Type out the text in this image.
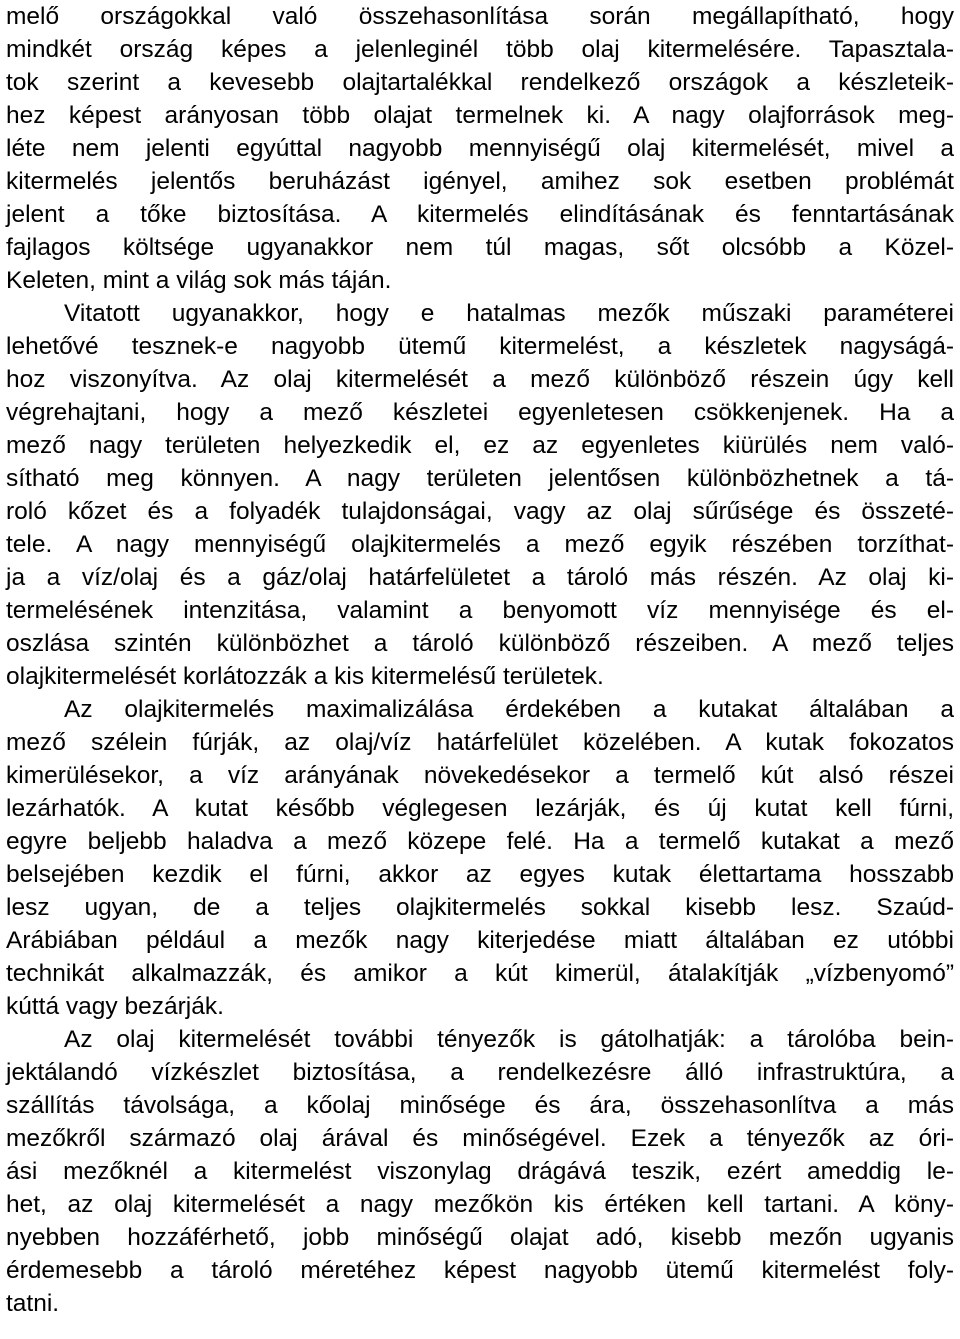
melő országokkal való összehasonlítása során megállapítható, hogy
mindkét ország képes a jelenleginél több olaj kitermelésére. Tapasztala-
tok szerint a kevesebb olajtartalékkal rendelkező országok a készleteik-
hez képest arányosan több olajat termelnek ki. A nagy olajforrások meg-
léte nem jelenti egyúttal nagyobb mennyiségű olaj kitermelését, mivel a
kitermelés jelentős beruházást igényel, amihez sok esetben problémát
jelent a tőke biztosítása. A kitermelés elindításának és fenntartásának
fajlagos költsége ugyanakkor nem túl magas, sőt olcsóbb a Közel-
Keleten, mint a világ sok más táján.
Vitatott ugyanakkor, hogy e hatalmas mezők műszaki paraméterei
lehetővé tesznek-e nagyobb ütemű kitermelést, a készletek nagyságá-
hoz viszonyítva. Az olaj kitermelését a mező különböző részein úgy kell
végrehajtani, hogy a mező készletei egyenletesen csökkenjenek. Ha a
mező nagy területen helyezkedik el, ez az egyenletes kiürülés nem való-
sítható meg könnyen. A nagy területen jelentősen különbözhetnek a tá-
roló kőzet és a folyadék tulajdonságai, vagy az olaj sűrűsége és összeté-
tele. A nagy mennyiségű olajkitermelés a mező egyik részében torzíthat-
ja a víz/olaj és a gáz/olaj határfelületet a tároló más részén. Az olaj ki-
termelésének intenzitása, valamint a benyomott víz mennyisége és el-
oszlása szintén különbözhet a tároló különböző részeiben. A mező teljes
olajkitermelését korlátozzák a kis kitermelésű területek.
Az olajkitermelés maximalizálása érdekében a kutakat általában a
mező szélein fúrják, az olaj/víz határfelület közelében. A kutak fokozatos
kimerülésekor, a víz arányának növekedésekor a termelő kút alsó részei
lezárhatók. A kutat később véglegesen lezárják, és új kutat kell fúrni,
egyre beljebb haladva a mező közepe felé. Ha a termelő kutakat a mező
belsejében kezdik el fúrni, akkor az egyes kutak élettartama hosszabb
lesz ugyan, de a teljes olajkitermelés sokkal kisebb lesz. Szaúd-
Arábiában például a mezők nagy kiterjedése miatt általában ez utóbbi
technikát alkalmazzák, és amikor a kút kimerül, átalakítják „vízbenyomó”
kúttá vagy bezárják.
Az olaj kitermelését további tényezők is gátolhatják: a tárolóba bein-
jektálandó vízkészlet biztosítása, a rendelkezésre álló infrastruktúra, a
szállítás távolsága, a kőolaj minősége és ára, összehasonlítva a más
mezőkről származó olaj árával és minőségével. Ezek a tényezők az óri-
ási mezőknél a kitermelést viszonylag drágává teszik, ezért ameddig le-
het, az olaj kitermelését a nagy mezőkön kis értéken kell tartani. A köny-
nyebben hozzáférhető, jobb minőségű olajat adó, kisebb mezőn ugyanis
érdemesebb a tároló méretéhez képest nagyobb ütemű kitermelést foly-
tatni.
